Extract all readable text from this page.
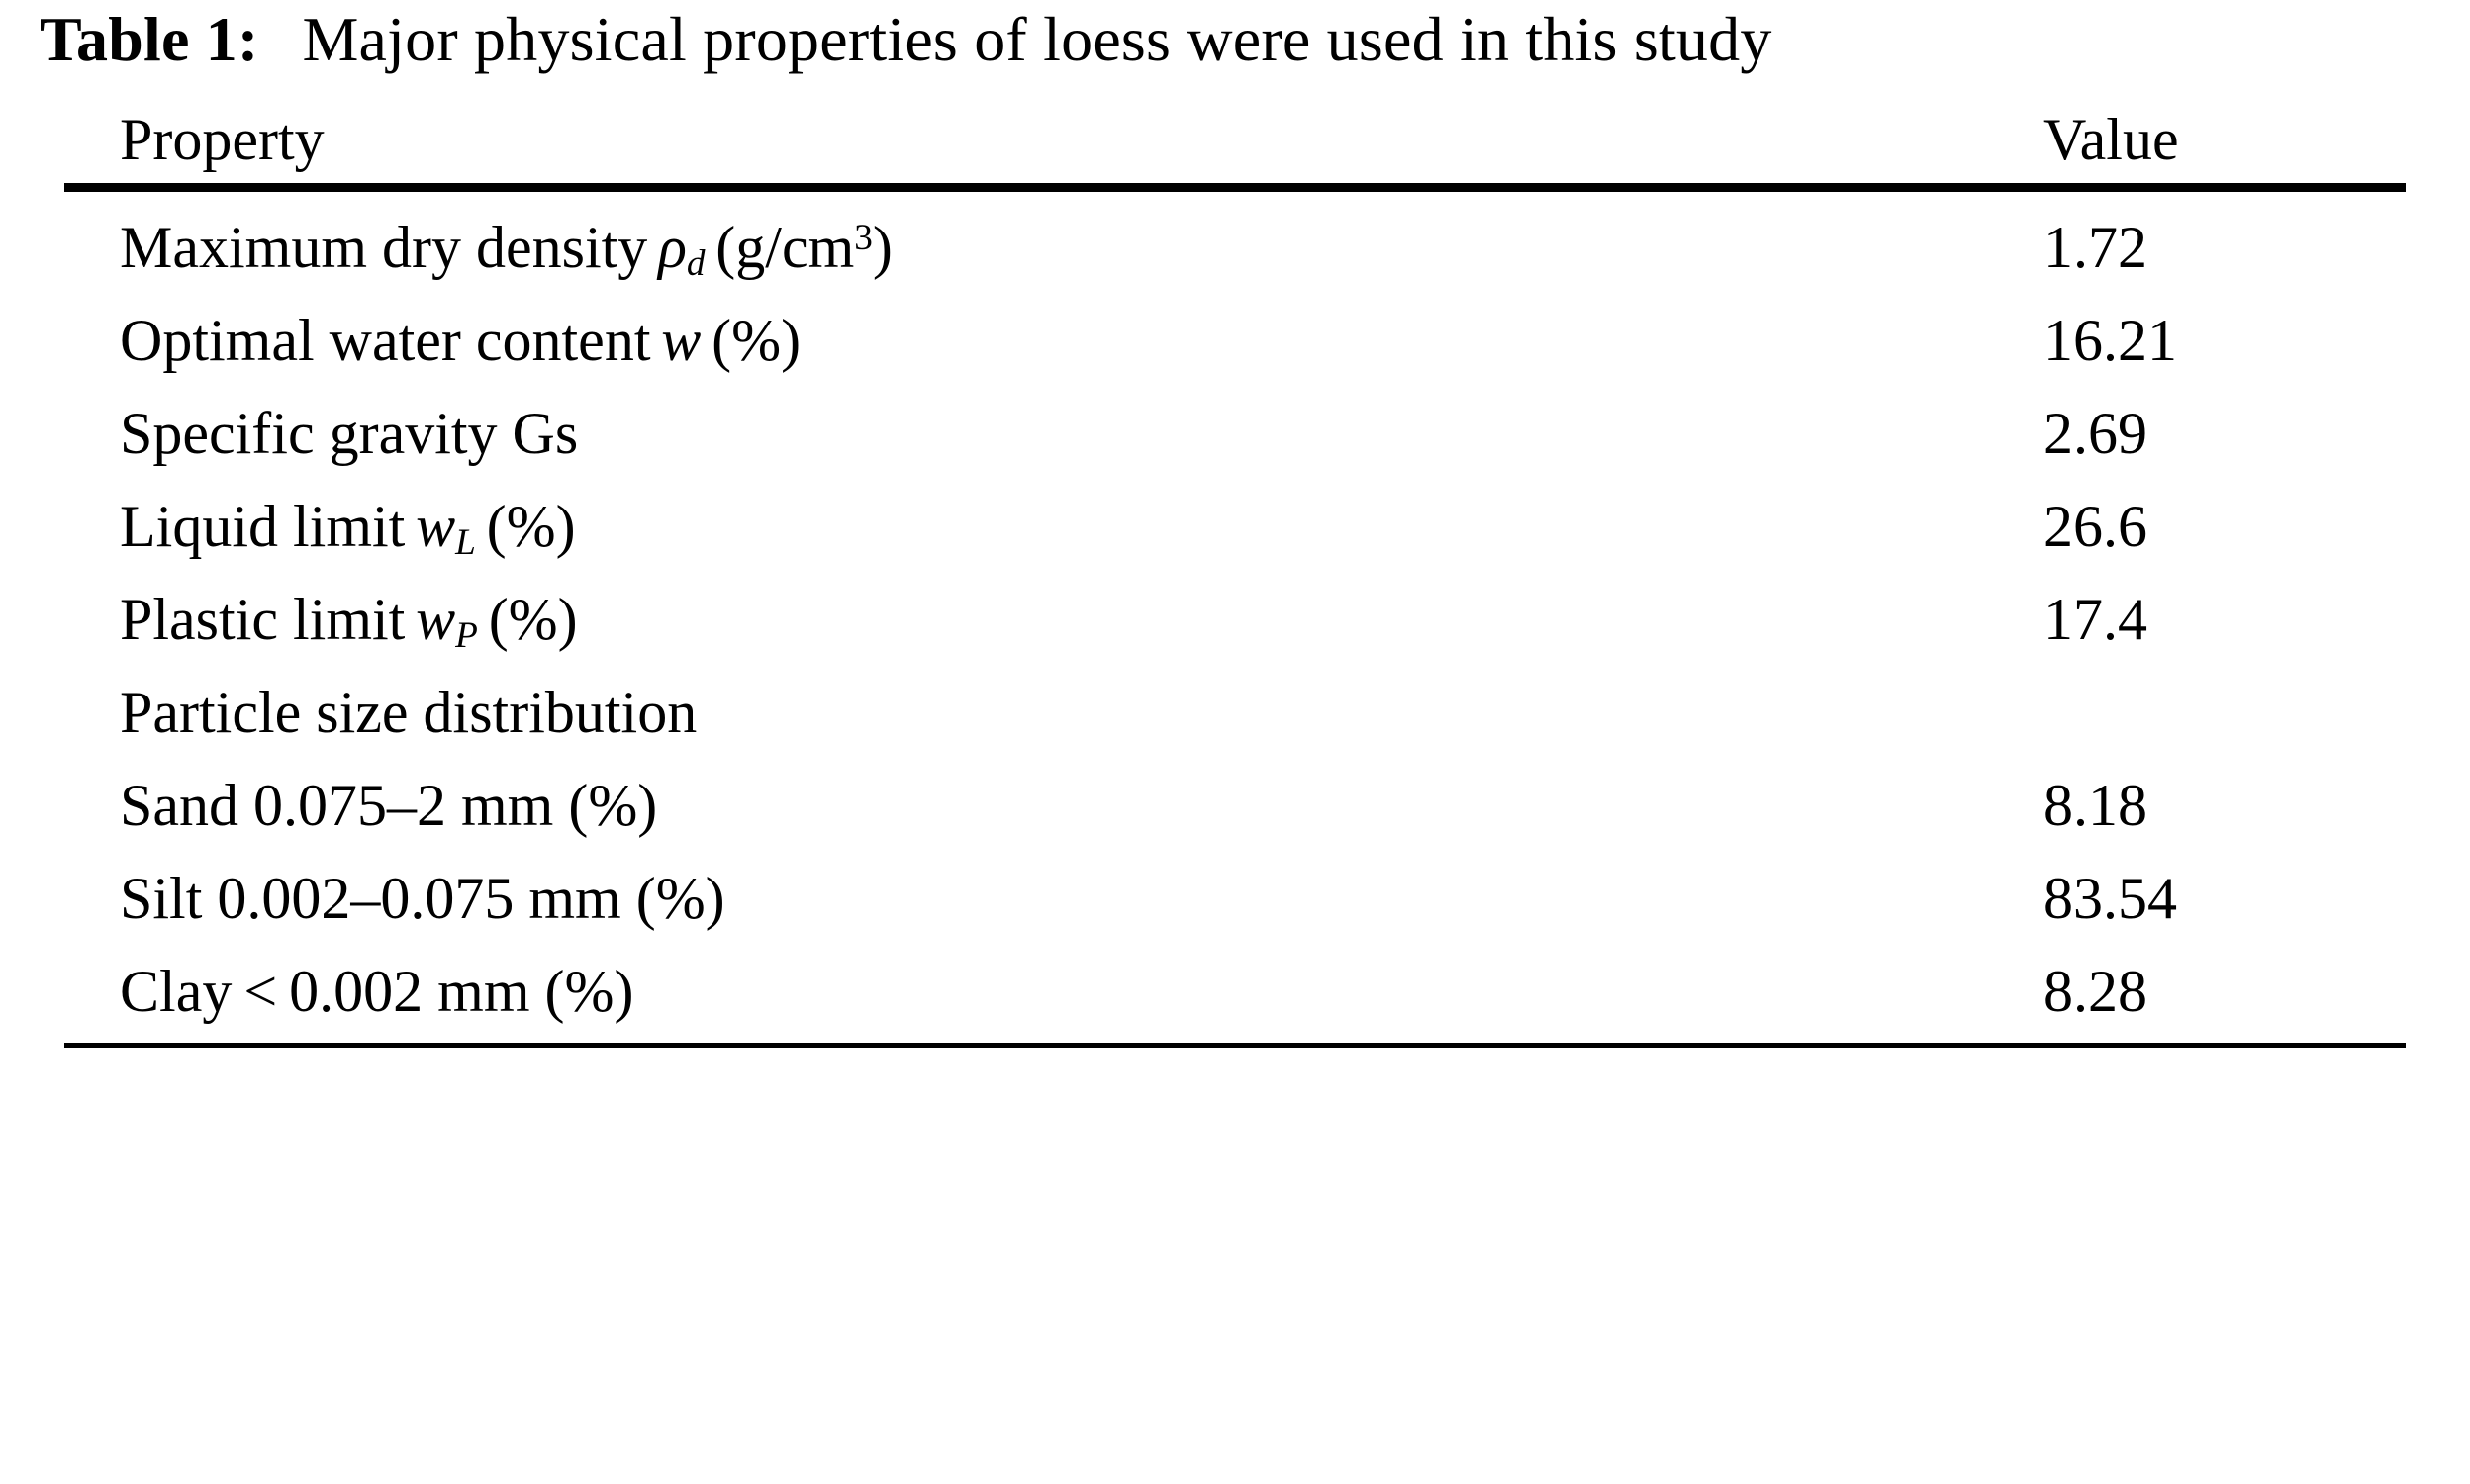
Table 1: Major physical properties of loess were used in this study

Property	Value

Maximum dry density $\rho_d$ $(g/cm^3)$	1.72
Optimal water content w (%)	16.21
Specific gravity Gs	2.69
Liquid limit $w_L$ (%)	26.6
Plastic limit $w_P$ (%)	17.4
Particle size distribution	
Sand 0.075–2 mm (%)	8.18
Silt 0.002–0.075 mm (%)	83.54
Clay < 0.002 mm (%)	8.28
